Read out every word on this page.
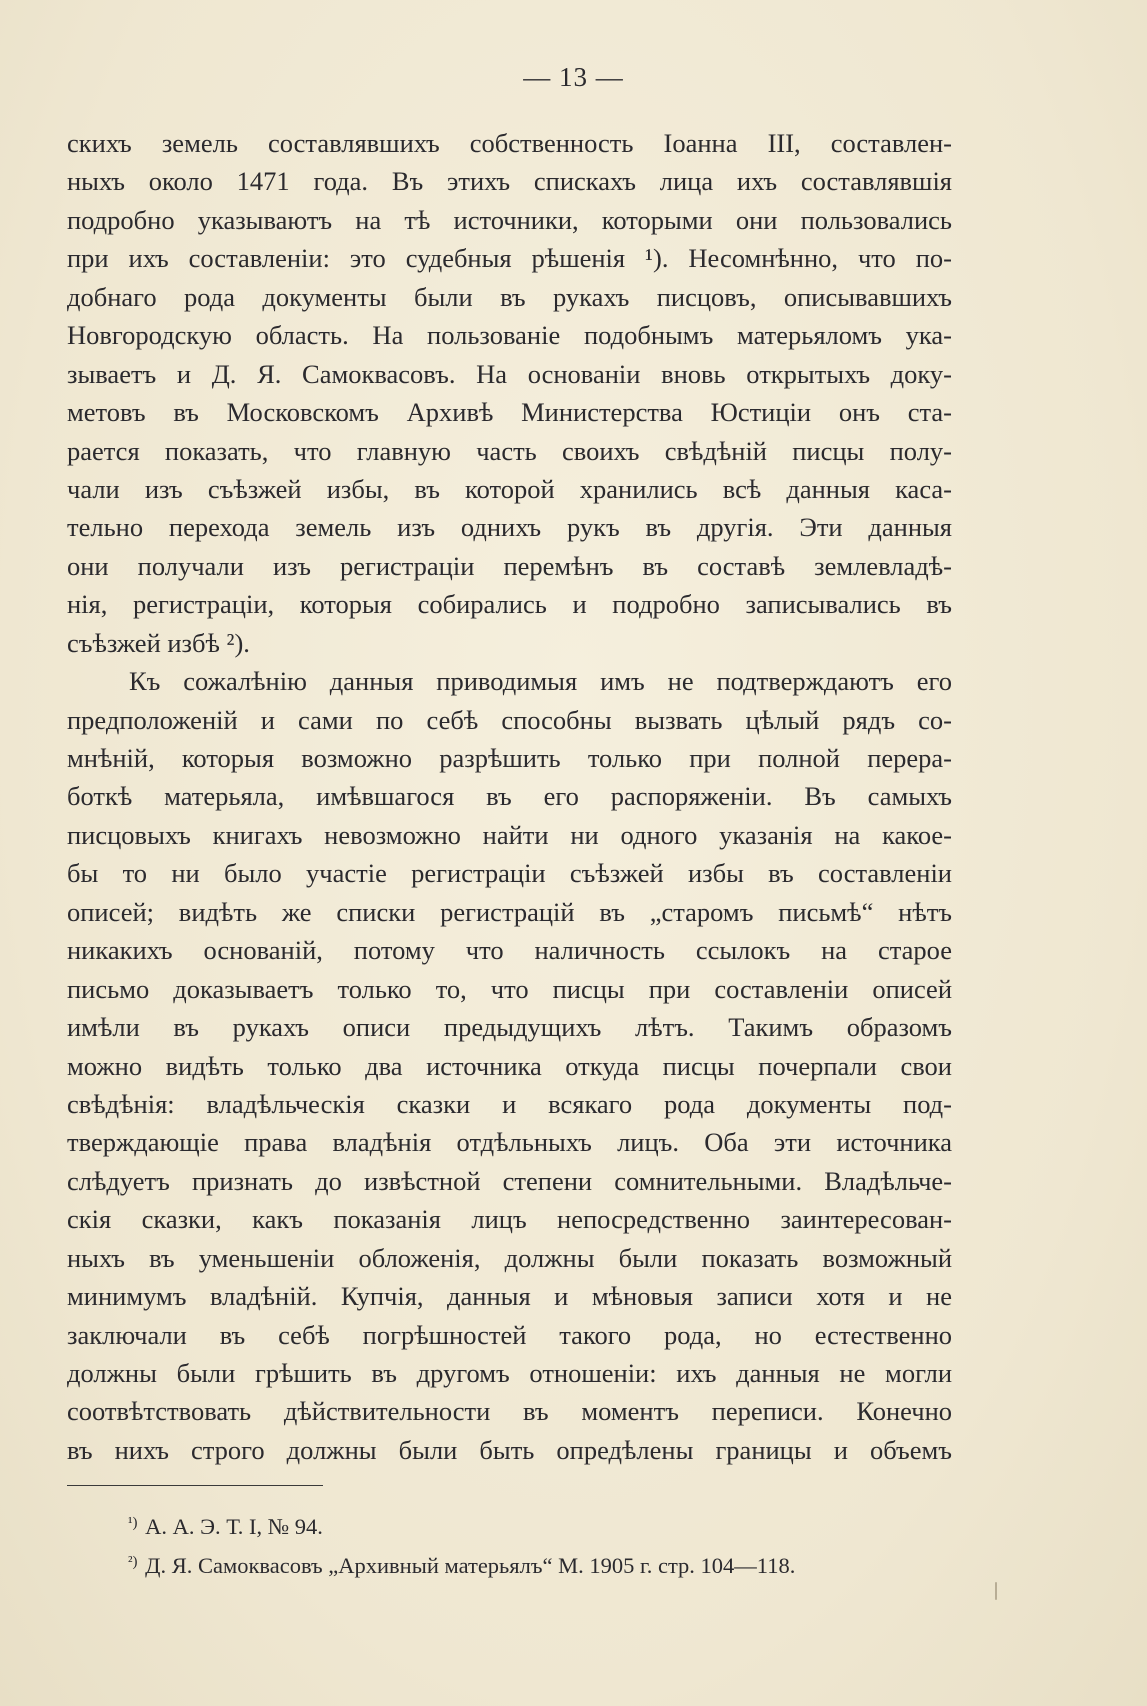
— 13 —
скихъ земель составлявшихъ собственность Іоанна III, составлен-
ныхъ около 1471 года. Въ этихъ спискахъ лица ихъ составлявшія
подробно указываютъ на тѣ источники, которыми они пользовались
при ихъ составленіи: это судебныя рѣшенія ¹). Несомнѣнно, что по-
добнаго рода документы были въ рукахъ писцовъ, описывавшихъ
Новгородскую область. На пользованіе подобнымъ матерьяломъ ука-
зываетъ и Д. Я. Самоквасовъ. На основаніи вновь открытыхъ доку-
метовъ въ Московскомъ Архивѣ Министерства Юстиціи онъ ста-
рается показать, что главную часть своихъ свѣдѣній писцы полу-
чали изъ съѣзжей избы, въ которой хранились всѣ данныя каса-
тельно перехода земель изъ однихъ рукъ въ другія. Эти данныя
они получали изъ регистраціи перемѣнъ въ составѣ землевладѣ-
нія, регистраціи, которыя собирались и подробно записывались въ
съѣзжей избѣ ²).
Къ сожалѣнію данныя приводимыя имъ не подтверждаютъ его
предположеній и сами по себѣ способны вызвать цѣлый рядъ со-
мнѣній, которыя возможно разрѣшить только при полной перера-
боткѣ матерьяла, имѣвшагося въ его распоряженіи. Въ самыхъ
писцовыхъ книгахъ невозможно найти ни одного указанія на какое-
бы то ни было участіе регистраціи съѣзжей избы въ составленіи
описей; видѣть же списки регистрацій въ „старомъ письмѣ“ нѣтъ
никакихъ основаній, потому что наличность ссылокъ на старое
письмо доказываетъ только то, что писцы при составленіи описей
имѣли въ рукахъ описи предыдущихъ лѣтъ. Такимъ образомъ
можно видѣть только два источника откуда писцы почерпали свои
свѣдѣнія: владѣльческія сказки и всякаго рода документы под-
тверждающіе права владѣнія отдѣльныхъ лицъ. Оба эти источника
слѣдуетъ признать до извѣстной степени сомнительными. Владѣльче-
скія сказки, какъ показанія лицъ непосредственно заинтересован-
ныхъ въ уменьшеніи обложенія, должны были показать возможный
минимумъ владѣній. Купчія, данныя и мѣновыя записи хотя и не
заключали въ себѣ погрѣшностей такого рода, но естественно
должны были грѣшить въ другомъ отношеніи: ихъ данныя не могли
соотвѣтствовать дѣйствительности въ моментъ переписи. Конечно
въ нихъ строго должны были быть опредѣлены границы и объемъ
$^{^1)}$ А. А. Э. Т. I, № 94.
$^{^2)}$ Д. Я. Самоквасовъ „Архивный матерьялъ“ М. 1905 г. стр. 104—118.
